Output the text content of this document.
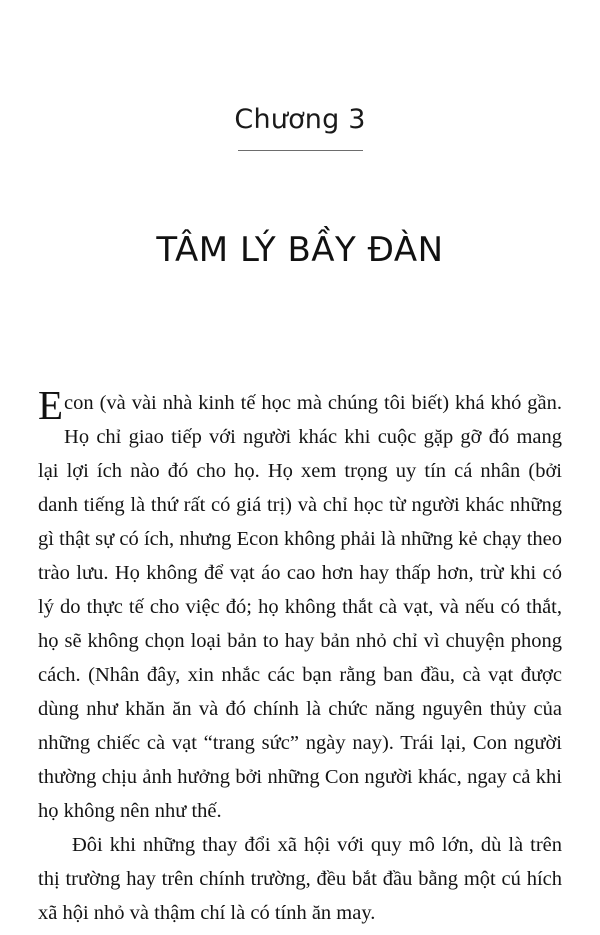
Chương 3
TÂM LÝ BẦY ĐÀN

Econ (và vài nhà kinh tế học mà chúng tôi biết) khá khó gần. Họ chỉ giao tiếp với người khác khi cuộc gặp gỡ đó mang lại lợi ích nào đó cho họ. Họ xem trọng uy tín cá nhân (bởi danh tiếng là thứ rất có giá trị) và chỉ học từ người khác những gì thật sự có ích, nhưng Econ không phải là những kẻ chạy theo trào lưu. Họ không để vạt áo cao hơn hay thấp hơn, trừ khi có lý do thực tế cho việc đó; họ không thắt cà vạt, và nếu có thắt, họ sẽ không chọn loại bản to hay bản nhỏ chỉ vì chuyện phong cách. (Nhân đây, xin nhắc các bạn rằng ban đầu, cà vạt được dùng như khăn ăn và đó chính là chức năng nguyên thủy của những chiếc cà vạt “trang sức” ngày nay). Trái lại, Con người thường chịu ảnh hưởng bởi những Con người khác, ngay cả khi họ không nên như thế.

Đôi khi những thay đổi xã hội với quy mô lớn, dù là trên thị trường hay trên chính trường, đều bắt đầu bằng một cú hích xã hội nhỏ và thậm chí là có tính ăn may.
